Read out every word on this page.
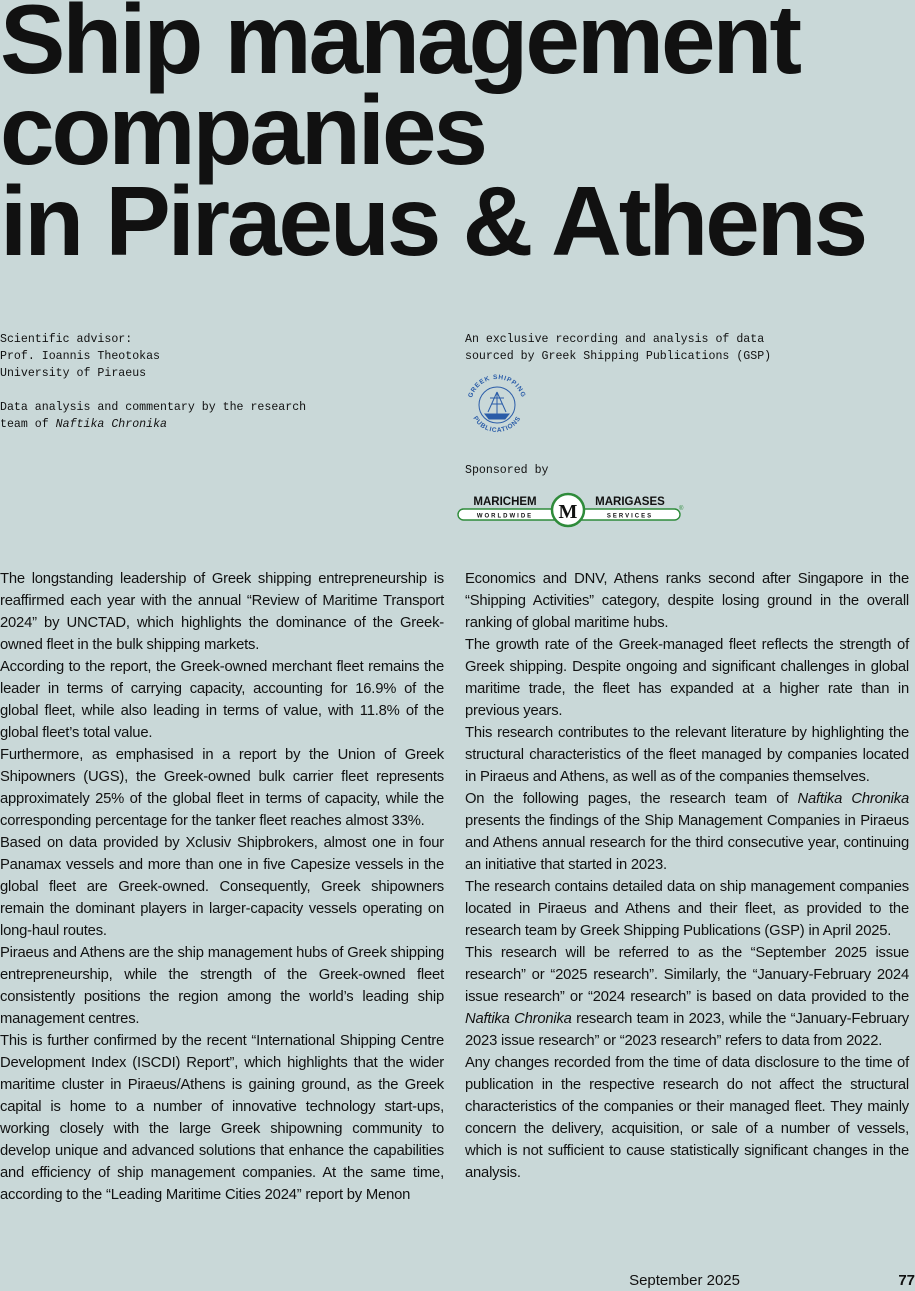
Ship management
companies
in Piraeus & Athens

Scientific advisor:

Prof. Ioannis Theotokas

University of Piraeus

Data analysis and commentary by the research

team of Naftika Chronika

An exclusive recording and analysis of data

sourced by Greek Shipping Publications (GSP)

GREEK SHIPPING
PUBLICATIONS
Sponsored by
MARICHEM
WORLDWIDE
MARIGASES
SERVICES
M	®

The longstanding leadership of Greek shipping entrepreneurship is reaffirmed each year with the annual “Review of Maritime Transport 2024” by UNCTAD, which highlights the dominance of the Greek-owned fleet in the bulk shipping markets.

According to the report, the Greek-owned merchant fleet remains the leader in terms of carrying capacity, accounting for 16.9% of the global fleet, while also leading in terms of value, with 11.8% of the global fleet’s total value.

Furthermore, as emphasised in a report by the Union of Greek Shipowners (UGS), the Greek-owned bulk carrier fleet represents approximately 25% of the global fleet in terms of capacity, while the corresponding percentage for the tanker fleet reaches almost 33%.

Based on data provided by Xclusiv Shipbrokers, almost one in four Panamax vessels and more than one in five Capesize vessels in the global fleet are Greek-owned. Consequently, Greek shipowners remain the dominant players in larger-capacity vessels operating on long-haul routes.

Piraeus and Athens are the ship management hubs of Greek shipping entrepreneurship, while the strength of the Greek-owned fleet consistently positions the region among the world’s leading ship management centres.

This is further confirmed by the recent “International Shipping Centre Development Index (ISCDI) Report”, which highlights that the wider maritime cluster in Piraeus/Athens is gaining ground, as the Greek capital is home to a number of innovative technology start-ups, working closely with the large Greek shipowning community to develop unique and advanced solutions that enhance the capabilities and efficiency of ship management companies. At the same time, according to the “Leading Maritime Cities 2024” report by Menon

Economics and DNV, Athens ranks second after Singapore in the “Shipping Activities” category, despite losing ground in the overall ranking of global maritime hubs.

The growth rate of the Greek-managed fleet reflects the strength of Greek shipping. Despite ongoing and significant challenges in global maritime trade, the fleet has expanded at a higher rate than in previous years.

This research contributes to the relevant literature by highlighting the structural characteristics of the fleet managed by companies located in Piraeus and Athens, as well as of the companies themselves.

On the following pages, the research team of Naftika Chronika presents the findings of the Ship Management Companies in Piraeus and Athens annual research for the third consecutive year, continuing an initiative that started in 2023.

The research contains detailed data on ship management companies located in Piraeus and Athens and their fleet, as provided to the research team by Greek Shipping Publications (GSP) in April 2025.

This research will be referred to as the “September 2025 issue research” or “2025 research”. Similarly, the “January-February 2024 issue research” or “2024 research” is based on data provided to the Naftika Chronika research team in 2023, while the “January-February 2023 issue research” or “2023 research” refers to data from 2022.

Any changes recorded from the time of data disclosure to the time of publication in the respective research do not affect the structural characteristics of the companies or their managed fleet. They mainly concern the delivery, acquisition, or sale of a number of vessels, which is not sufficient to cause statistically significant changes in the analysis.

September 2025	77
